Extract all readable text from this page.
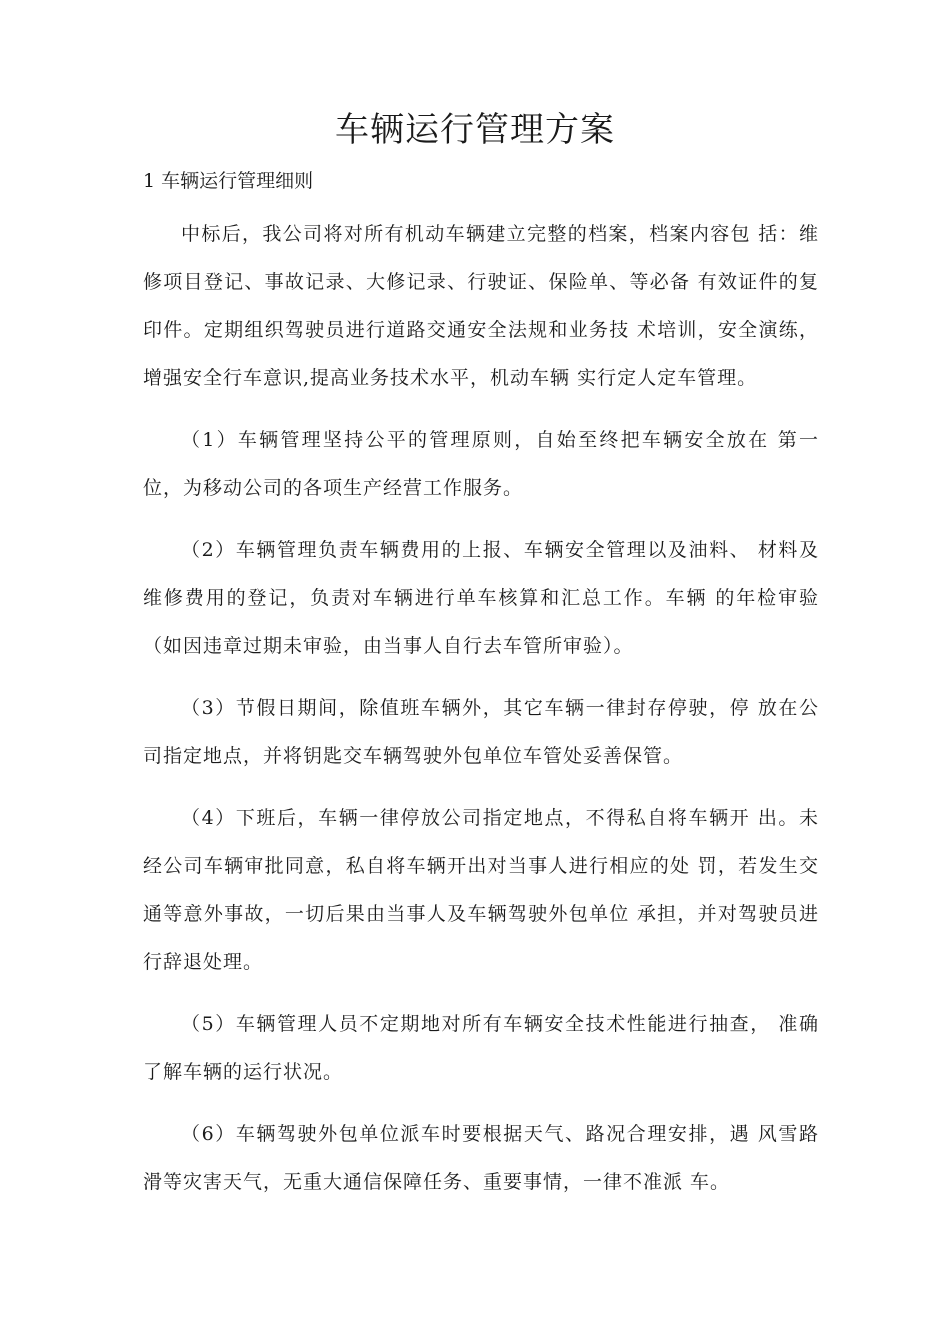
车辆运行管理方案
1 车辆运行管理细则

中标后，我公司将对所有机动车辆建立完整的档案，档案内容包 括：维修项目登记、事故记录、大修记录、行驶证、保险单、等必备 有效证件的复印件。定期组织驾驶员进行道路交通安全法规和业务技 术培训，安全演练，增强安全行车意识,提高业务技术水平，机动车辆 实行定人定车管理。

（1）车辆管理坚持公平的管理原则，自始至终把车辆安全放在 第一位，为移动公司的各项生产经营工作服务。

（2）车辆管理负责车辆费用的上报、车辆安全管理以及油料、 材料及维修费用的登记，负责对车辆进行单车核算和汇总工作。车辆 的年检审验（如因违章过期未审验，由当事人自行去车管所审验）。

（3）节假日期间，除值班车辆外，其它车辆一律封存停驶，停 放在公司指定地点，并将钥匙交车辆驾驶外包单位车管处妥善保管。

（4）下班后，车辆一律停放公司指定地点，不得私自将车辆开 出。未经公司车辆审批同意，私自将车辆开出对当事人进行相应的处 罚，若发生交通等意外事故，一切后果由当事人及车辆驾驶外包单位 承担，并对驾驶员进行辞退处理。

（5）车辆管理人员不定期地对所有车辆安全技术性能进行抽查， 准确了解车辆的运行状况。

（6）车辆驾驶外包单位派车时要根据天气、路况合理安排，遇 风雪路滑等灾害天气，无重大通信保障任务、重要事情，一律不准派 车。
